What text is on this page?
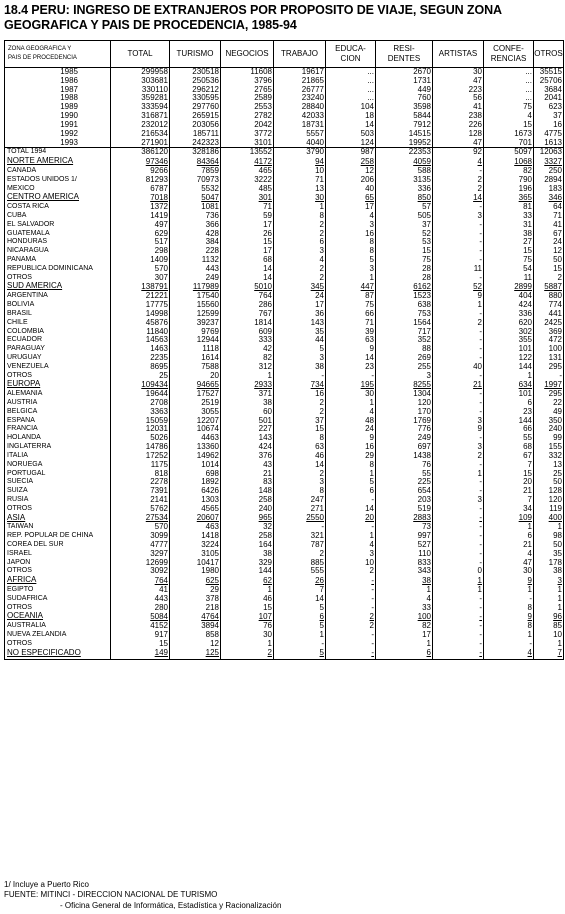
18.4 PERU: INGRESO DE EXTRANJEROS POR PROPOSITO DE VIAJE, SEGUN ZONA
GEOGRAFICA Y PAIS DE PROCEDENCIA, 1985-94
ZONA GEOGRAFICA Y
PAIS DE PROCEDENCIA	TOTAL	TURISMO	NEGOCIOS	TRABAJO	EDUCA-
CION	RESI-
DENTES	ARTISTAS	CONFE-
RENCIAS	OTROS
1985	299958	230518	11608	19617	...	2670	30	...	35515
1986	303681	250536	3796	21865	...	1731	47	...	25706
1987	330110	296212	2765	26777	...	449	223	...	3684
1988	359281	330595	2589	23240	...	760	56	...	2041
1989	333594	297760	2553	28840	104	3598	41	75	623
1990	316871	265915	2782	42033	18	5844	238	4	37
1991	232012	203056	2042	18731	14	7912	226	15	16
1992	216534	185711	3772	5557	503	14515	128	1673	4775
1993	271901	242323	3101	4040	124	19952	47	701	1613
TOTAL 1994	386120	328186	13552	3790	987	22353	92	5097	12063
NORTE AMERICA	97346	84364	4172	94	258	4059	4	1068	3327
CANADA	9266	7859	465	10	12	588	-	82	250
ESTADOS UNIDOS 1/	81293	70973	3222	71	206	3135	2	790	2894
MEXICO	6787	5532	485	13	40	336	2	196	183
CENTRO AMERICA	7018	5047	301	30	65	850	14	365	346
COSTA RICA	1372	1081	71	1	17	57	-	81	64
CUBA	1419	736	59	8	4	505	3	33	71
EL SALVADOR	497	366	17	2	3	37	-	31	41
GUATEMALA	629	428	26	2	16	52	-	38	67
HONDURAS	517	384	15	6	8	53	-	27	24
NICARAGUA	298	228	17	3	8	15	-	15	12
PANAMA	1409	1132	68	4	5	75	-	75	50
REPUBLICA DOMINICANA	570	443	14	2	3	28	11	54	15
OTROS	307	249	14	2	1	28	-	11	2
SUD AMERICA	138791	117989	5010	345	447	6162	52	2899	5887
ARGENTINA	21221	17540	764	24	87	1523	9	404	880
BOLIVIA	17775	15560	286	17	75	638	1	424	774
BRASIL	14998	12599	767	36	66	753	-	336	441
CHILE	45876	39237	1814	143	71	1564	2	620	2425
COLOMBIA	11840	9769	609	35	39	717	-	302	369
ECUADOR	14563	12944	333	44	63	352	-	355	472
PARAGUAY	1463	1118	42	5	9	88	-	101	100
URUGUAY	2235	1614	82	3	14	269	-	122	131
VENEZUELA	8695	7588	312	38	23	255	40	144	295
OTROS	25	20	1	-	-	3	-	1	-
EUROPA	109434	94665	2933	734	195	8255	21	634	1997
ALEMANIA	19644	17527	371	16	30	1304	-	101	295
AUSTRIA	2708	2519	38	2	1	120	-	6	22
BELGICA	3363	3055	60	2	4	170	-	23	49
ESPAÑA	15059	12207	501	37	48	1769	3	144	350
FRANCIA	12031	10674	227	15	24	776	9	66	240
HOLANDA	5026	4463	143	8	9	249	-	55	99
INGLATERRA	14786	13360	424	63	16	697	3	68	155
ITALIA	17252	14962	376	46	29	1438	2	67	332
NORUEGA	1175	1014	43	14	8	76	-	7	13
PORTUGAL	818	698	21	2	1	55	1	15	25
SUECIA	2278	1892	83	3	5	225	-	20	50
SUIZA	7391	6426	148	8	6	654	-	21	128
RUSIA	2141	1303	258	247	-	203	3	7	120
OTROS	5762	4565	240	271	14	519	-	34	119
ASIA	27534	20607	965	2550	20	2883	-	109	400
TAIWAN	570	463	32	-	-	73	-	1	1
REP. POPULAR DE CHINA	3099	1418	258	321	1	997	-	6	98
COREA DEL SUR	4777	3224	164	787	4	527	-	21	50
ISRAEL	3297	3105	38	2	3	110	-	4	35
JAPON	12699	10417	329	885	10	833	-	47	178
OTROS	3092	1980	144	555	2	343	0	30	38
AFRICA	764	625	62	26	-	38	1	9	3
EGIPTO	41	29	1	7	-	1	1	1	1
SUDAFRICA	443	378	46	14	-	4	-	-	1
OTROS	280	218	15	5	-	33	-	8	1
OCEANIA	5084	4764	107	6	2	100	-	9	96
AUSTRALIA	4152	3894	76	5	2	82	-	8	85
NUEVA ZELANDIA	917	858	30	1	-	17	-	1	10
OTROS	15	12	1	-	-	1	-	-	1
NO ESPECIFICADO	149	125	2	5	-	6	-	4	7

1/ Incluye a Puerto Rico

FUENTE: MITINCI - DIRECCION NACIONAL DE TURISMO

- Oficina General de Informática, Estadística y Racionalización
